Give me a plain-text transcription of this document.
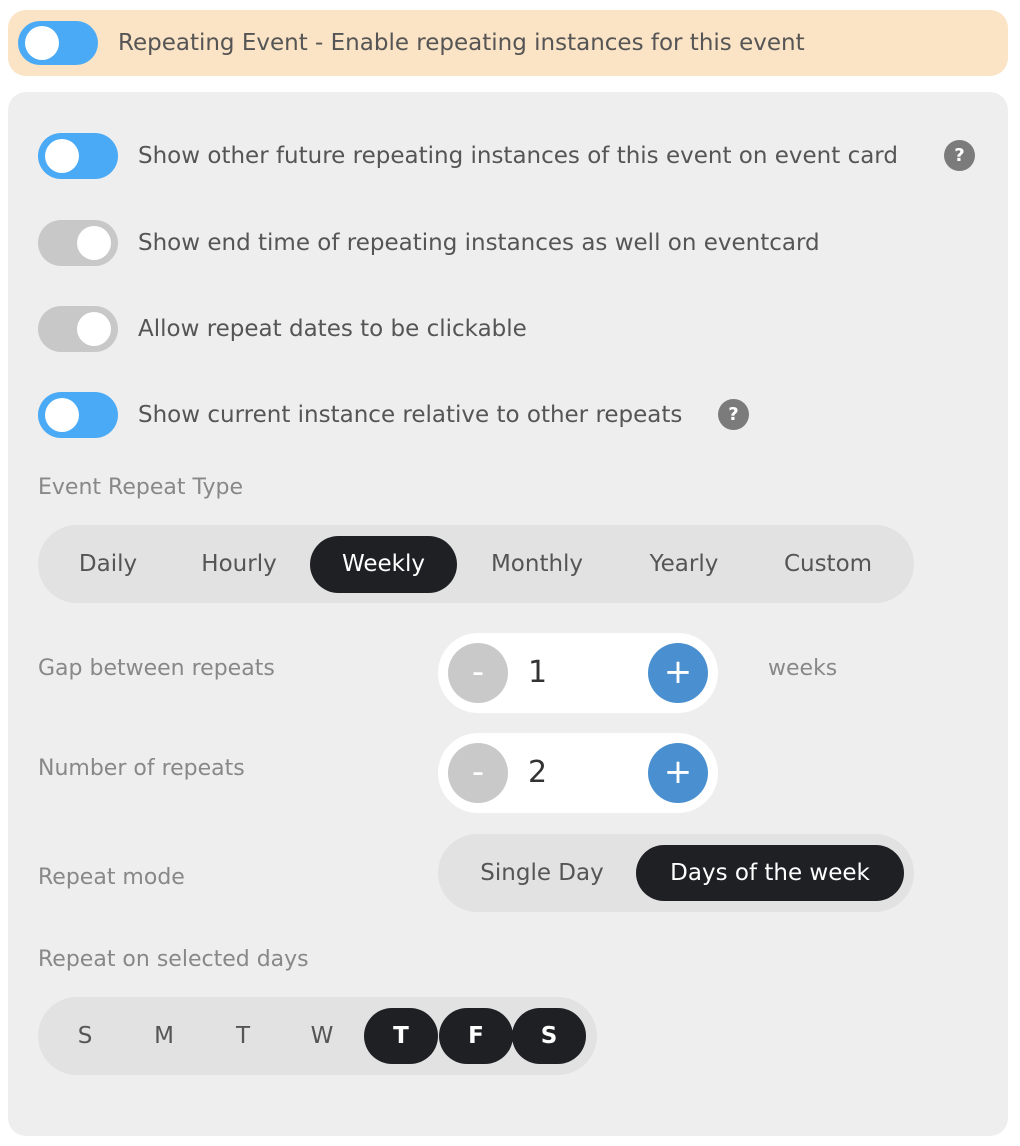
Repeating Event - Enable repeating instances for this event
Show other future repeating instances of this event on event card	?
Show end time of repeating instances as well on eventcard
Allow repeat dates to be clickable
Show current instance relative to other repeats	?
Event Repeat Type
Daily	Hourly	Weekly	Monthly	Yearly	Custom
Gap between repeats	-	1	+	weeks
Number of repeats	-	2	+
Repeat mode	Single Day	Days of the week
Repeat on selected days
S	M	T	W	T	F	S
